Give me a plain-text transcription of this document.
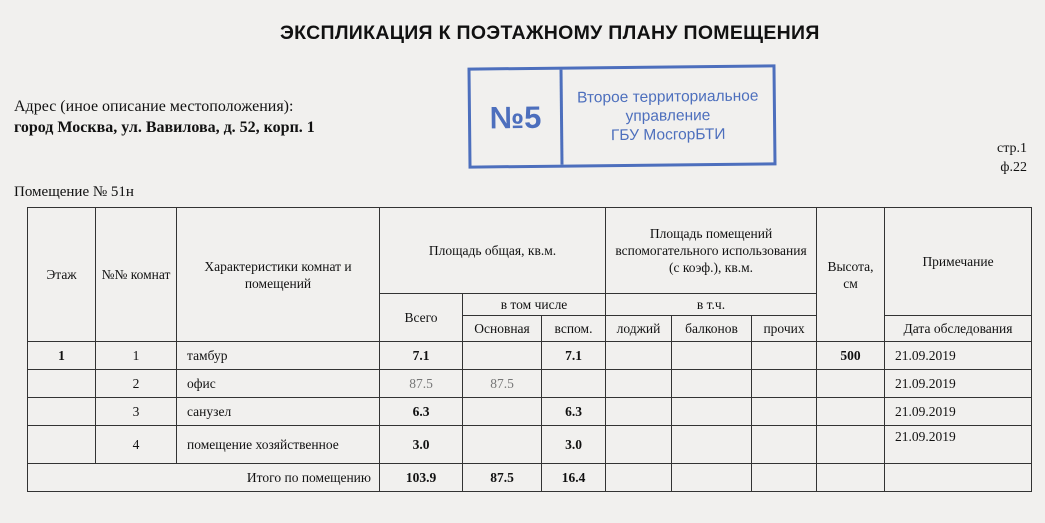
ЭКСПЛИКАЦИЯ К ПОЭТАЖНОМУ ПЛАНУ ПОМЕЩЕНИЯ
Адрес (иное описание местоположения):
город Москва, ул. Вавилова, д. 52, корп. 1	№5
Второе территориальное
управление
ГБУ МосгорБТИ
стр.1
ф.22
Помещение № 51н
Этаж	№№ комнат	Характеристики комнат и помещений	Площадь общая, кв.м.			Площадь помещений вспомогательного использования (с коэф.), кв.м.			Высота, см	Примечание
			Всего	в том числе		в т.ч.				
				Основная	вспом.	лоджий	балконов	прочих		Дата обследования
1	1	тамбур	7.1		7.1				500	21.09.2019
	2	офис	87.5	87.5						21.09.2019
	3	санузел	6.3		6.3					21.09.2019
	4	помещение хозяйственное	3.0		3.0					21.09.2019
Итого по помещению			103.9	87.5	16.4					
